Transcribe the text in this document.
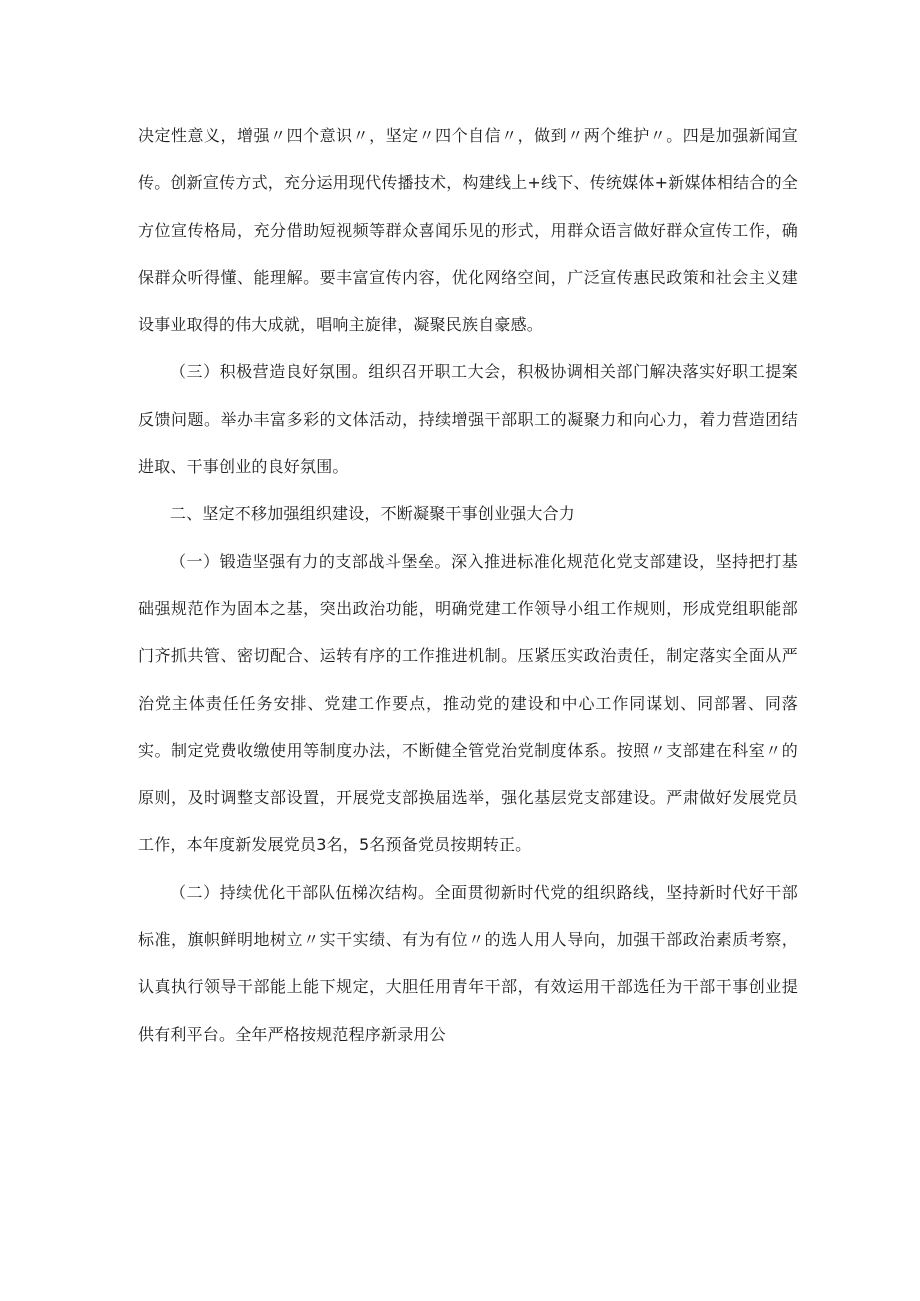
决定性意义，增强〃四个意识〃，坚定〃四个自信〃，做到〃两个维护〃。四是加强新闻宣传。创新宣传方式，充分运用现代传播技术，构建线上+线下、传统媒体+新媒体相结合的全方位宣传格局，充分借助短视频等群众喜闻乐见的形式，用群众语言做好群众宣传工作，确保群众听得懂、能理解。要丰富宣传内容，优化网络空间，广泛宣传惠民政策和社会主义建设事业取得的伟大成就，唱响主旋律，凝聚民族自豪感。

（三）积极营造良好氛围。组织召开职工大会，积极协调相关部门解决落实好职工提案反馈问题。举办丰富多彩的文体活动，持续增强干部职工的凝聚力和向心力，着力营造团结进取、干事创业的良好氛围。

二、坚定不移加强组织建设，不断凝聚干事创业强大合力

（一）锻造坚强有力的支部战斗堡垒。深入推进标准化规范化党支部建设，坚持把打基础强规范作为固本之基，突出政治功能，明确党建工作领导小组工作规则，形成党组职能部门齐抓共管、密切配合、运转有序的工作推进机制。压紧压实政治责任，制定落实全面从严治党主体责任任务安排、党建工作要点，推动党的建设和中心工作同谋划、同部署、同落实。制定党费收缴使用等制度办法，不断健全管党治党制度体系。按照〃支部建在科室〃的原则，及时调整支部设置，开展党支部换届选举，强化基层党支部建设。严肃做好发展党员工作，本年度新发展党员3名，5名预备党员按期转正。

（二）持续优化干部队伍梯次结构。全面贯彻新时代党的组织路线，坚持新时代好干部标准，旗帜鲜明地树立〃实干实绩、有为有位〃的选人用人导向，加强干部政治素质考察，认真执行领导干部能上能下规定，大胆任用青年干部，有效运用干部选任为干部干事创业提供有利平台。全年严格按规范程序新录用公
